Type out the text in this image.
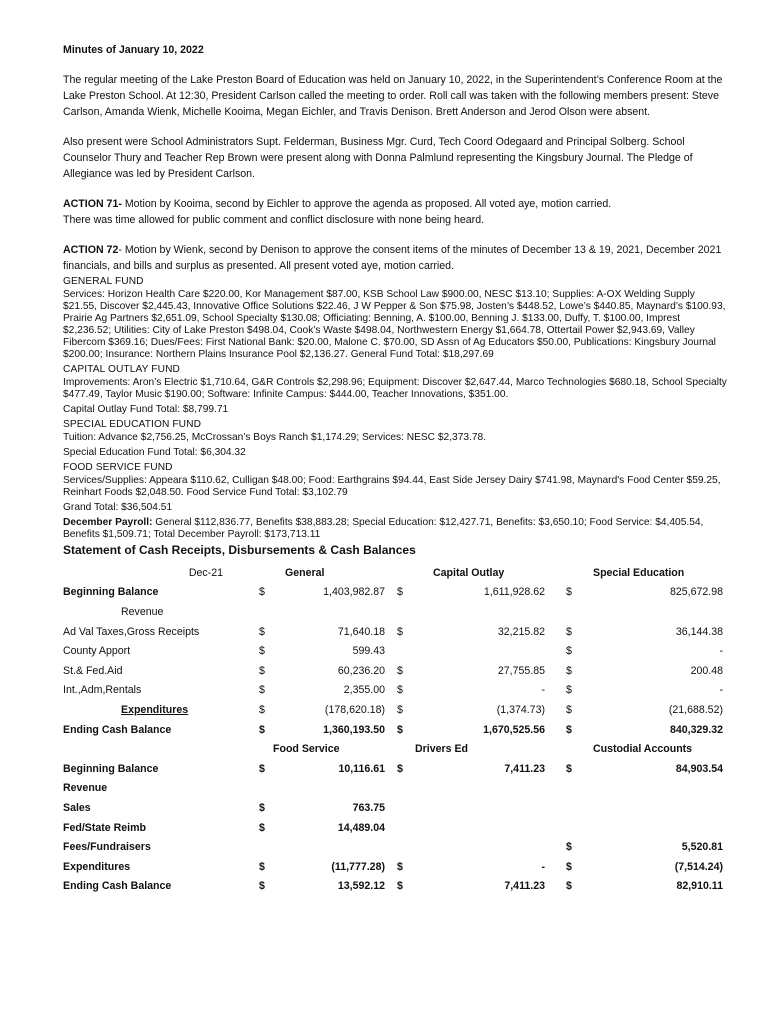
Minutes of January 10, 2022

The regular meeting of the Lake Preston Board of Education was held on January 10, 2022, in the Superintendent’s Conference Room at the Lake Preston School. At 12:30, President Carlson called the meeting to order. Roll call was taken with the following members present: Steve Carlson, Amanda Wienk, Michelle Kooima, Megan Eichler, and Travis Denison. Brett Anderson and Jerod Olson were absent.

Also present were School Administrators Supt. Felderman, Business Mgr. Curd, Tech Coord Odegaard and Principal Solberg. School Counselor Thury and Teacher Rep Brown were present along with Donna Palmlund representing the Kingsbury Journal. The Pledge of Allegiance was led by President Carlson.

ACTION 71- Motion by Kooima, second by Eichler to approve the agenda as proposed. All voted aye, motion carried.

There was time allowed for public comment and conflict disclosure with none being heard.

ACTION 72- Motion by Wienk, second by Denison to approve the consent items of the minutes of December 13 & 19, 2021, December 2021 financials, and bills and surplus as presented. All present voted aye, motion carried.

GENERAL FUND

Services: Horizon Health Care $220.00, Kor Management $87.00, KSB School Law $900.00, NESC $13.10; Supplies: A-OX Welding Supply $21.55, Discover $2,445.43, Innovative Office Solutions $22.46, J W Pepper & Son $75.98, Josten’s $448.52, Lowe’s $440.85, Maynard’s $100.93, Prairie Ag Partners $2,651.09, School Specialty $130.08; Officiating: Benning, A. $100.00, Benning J. $133.00, Duffy, T. $100.00, Imprest $2,236.52; Utilities: City of Lake Preston $498.04, Cook’s Waste $498.04, Northwestern Energy $1,664.78, Ottertail Power $2,943.69, Valley Fibercom $369.16; Dues/Fees: First National Bank: $20.00, Malone C. $70.00, SD Assn of Ag Educators $50.00, Publications: Kingsbury Journal $200.00; Insurance: Northern Plains Insurance Pool $2,136.27. General Fund Total: $18,297.69

CAPITAL OUTLAY FUND

Improvements: Aron’s Electric $1,710.64, G&R Controls $2,298.96; Equipment: Discover $2,647.44, Marco Technologies $680.18, School Specialty $477.49, Taylor Music $190.00; Software: Infinite Campus: $444.00, Teacher Innovations, $351.00.

Capital Outlay Fund Total: $8,799.71

SPECIAL EDUCATION FUND

Tuition: Advance $2,756.25, McCrossan’s Boys Ranch $1,174.29; Services: NESC $2,373.78.

Special Education Fund Total: $6,304.32

FOOD SERVICE FUND

Services/Supplies: Appeara $110.62, Culligan $48.00; Food: Earthgrains $94.44, East Side Jersey Dairy $741.98, Maynard's Food Center $59.25, Reinhart Foods $2,048.50. Food Service Fund Total: $3,102.79

Grand Total: $36,504.51

December Payroll: General $112,836.77, Benefits $38,883.28; Special Education: $12,427.71, Benefits: $3,650.10; Food Service: $4,405.54, Benefits $1,509.71; Total December Payroll: $173,713.11

Statement of Cash Receipts, Disbursements & Cash Balances

Dec-21		General		Capital Outlay		Special Education
Beginning Balance	$	1,403,982.87	$	1,611,928.62	$	825,672.98
Revenue						
Ad Val Taxes,Gross Receipts	$	71,640.18	$	32,215.82	$	36,144.38
County Apport	$	599.43			$	-
St.& Fed.Aid	$	60,236.20	$	27,755.85	$	200.48
Int.,Adm,Rentals	$	2,355.00	$	-	$	-
Expenditures	$	(178,620.18)	$	(1,374.73)	$	(21,688.52)
Ending Cash Balance	$	1,360,193.50	$	1,670,525.56	$	840,329.32
		Food Service		Drivers Ed		Custodial Accounts
Beginning Balance	$	10,116.61	$	7,411.23	$	84,903.54
Revenue						
Sales	$	763.75				
Fed/State Reimb	$	14,489.04				
Fees/Fundraisers					$	5,520.81
Expenditures	$	(11,777.28)	$	-	$	(7,514.24)
Ending Cash Balance	$	13,592.12	$	7,411.23	$	82,910.11
